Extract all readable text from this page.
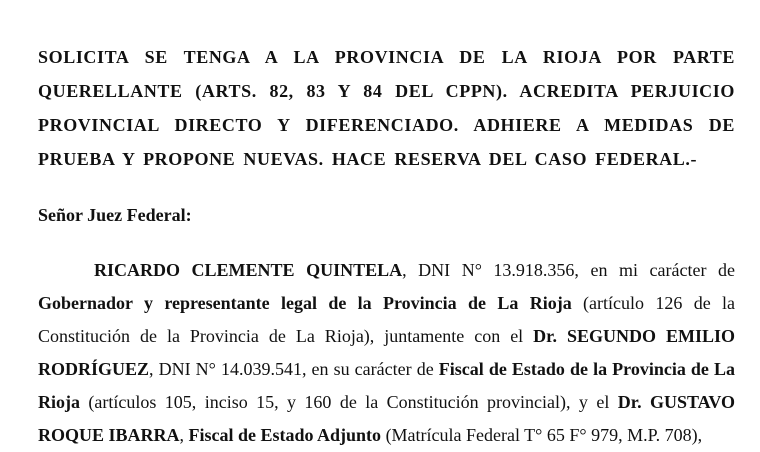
SOLICITA SE TENGA A LA PROVINCIA DE LA RIOJA POR PARTE QUERELLANTE (ARTS. 82, 83 Y 84 DEL CPPN). ACREDITA PERJUICIO PROVINCIAL DIRECTO Y DIFERENCIADO. ADHIERE A MEDIDAS DE PRUEBA Y PROPONE NUEVAS. HACE RESERVA DEL CASO FEDERAL.-

Señor Juez Federal:

RICARDO CLEMENTE QUINTELA, DNI N° 13.918.356, en mi carácter de Gobernador y representante legal de la Provincia de La Rioja (artículo 126 de la Constitución de la Provincia de La Rioja), juntamente con el Dr. SEGUNDO EMILIO RODRÍGUEZ, DNI N° 14.039.541, en su carácter de Fiscal de Estado de la Provincia de La Rioja (artículos 105, inciso 15, y 160 de la Constitución provincial), y el Dr. GUSTAVO ROQUE IBARRA, Fiscal de Estado Adjunto (Matrícula Federal T° 65 F° 979, M.P. 708),
